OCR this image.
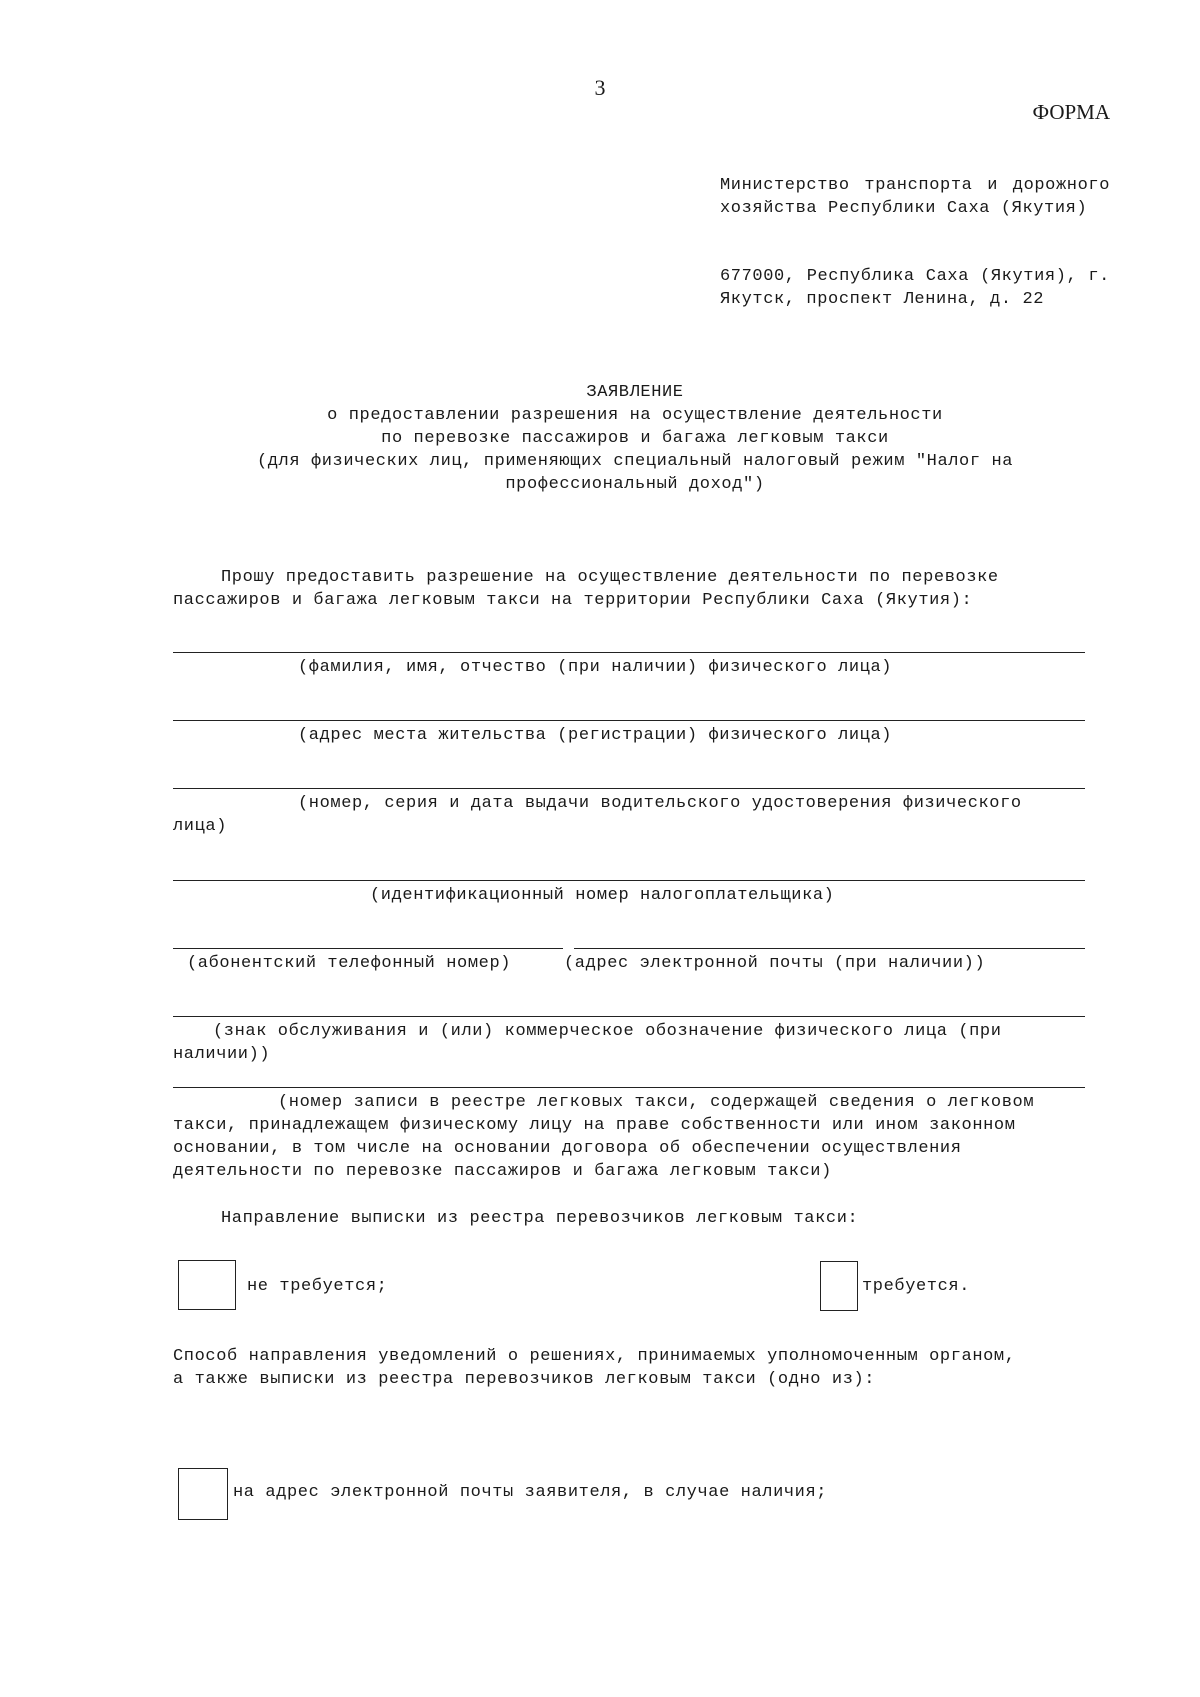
3
ФОРМА
Министерство транспорта и дорожного хозяйства Республики Саха (Якутия)
677000, Республика Саха (Якутия), г. Якутск, проспект Ленина, д. 22
ЗАЯВЛЕНИЕ
о предоставлении разрешения на осуществление деятельности
по перевозке пассажиров и багажа легковым такси
(для физических лиц, применяющих специальный налоговый режим "Налог на
профессиональный доход")
Прошу предоставить разрешение на осуществление деятельности по перевозке
пассажиров и багажа легковым такси на территории Республики Саха (Якутия):
(фамилия, имя, отчество (при наличии) физического лица)
(адрес места жительства (регистрации) физического лица)
(номер, серия и дата выдачи водительского удостоверения физического
лица)
(идентификационный номер налогоплательщика)
(абонентский телефонный номер)	(адрес электронной почты (при наличии))
(знак обслуживания и (или) коммерческое обозначение физического лица (при
наличии))
(номер записи в реестре легковых такси, содержащей сведения о легковом
такси, принадлежащем физическому лицу на праве собственности или ином законном
основании, в том числе на основании договора об обеспечении осуществления
деятельности по перевозке пассажиров и багажа легковым такси)
Направление выписки из реестра перевозчиков легковым такси:
не требуется;	требуется.
Способ направления уведомлений о решениях, принимаемых уполномоченным органом,
а также выписки из реестра перевозчиков легковым такси (одно из):
на адрес электронной почты заявителя, в случае наличия;
